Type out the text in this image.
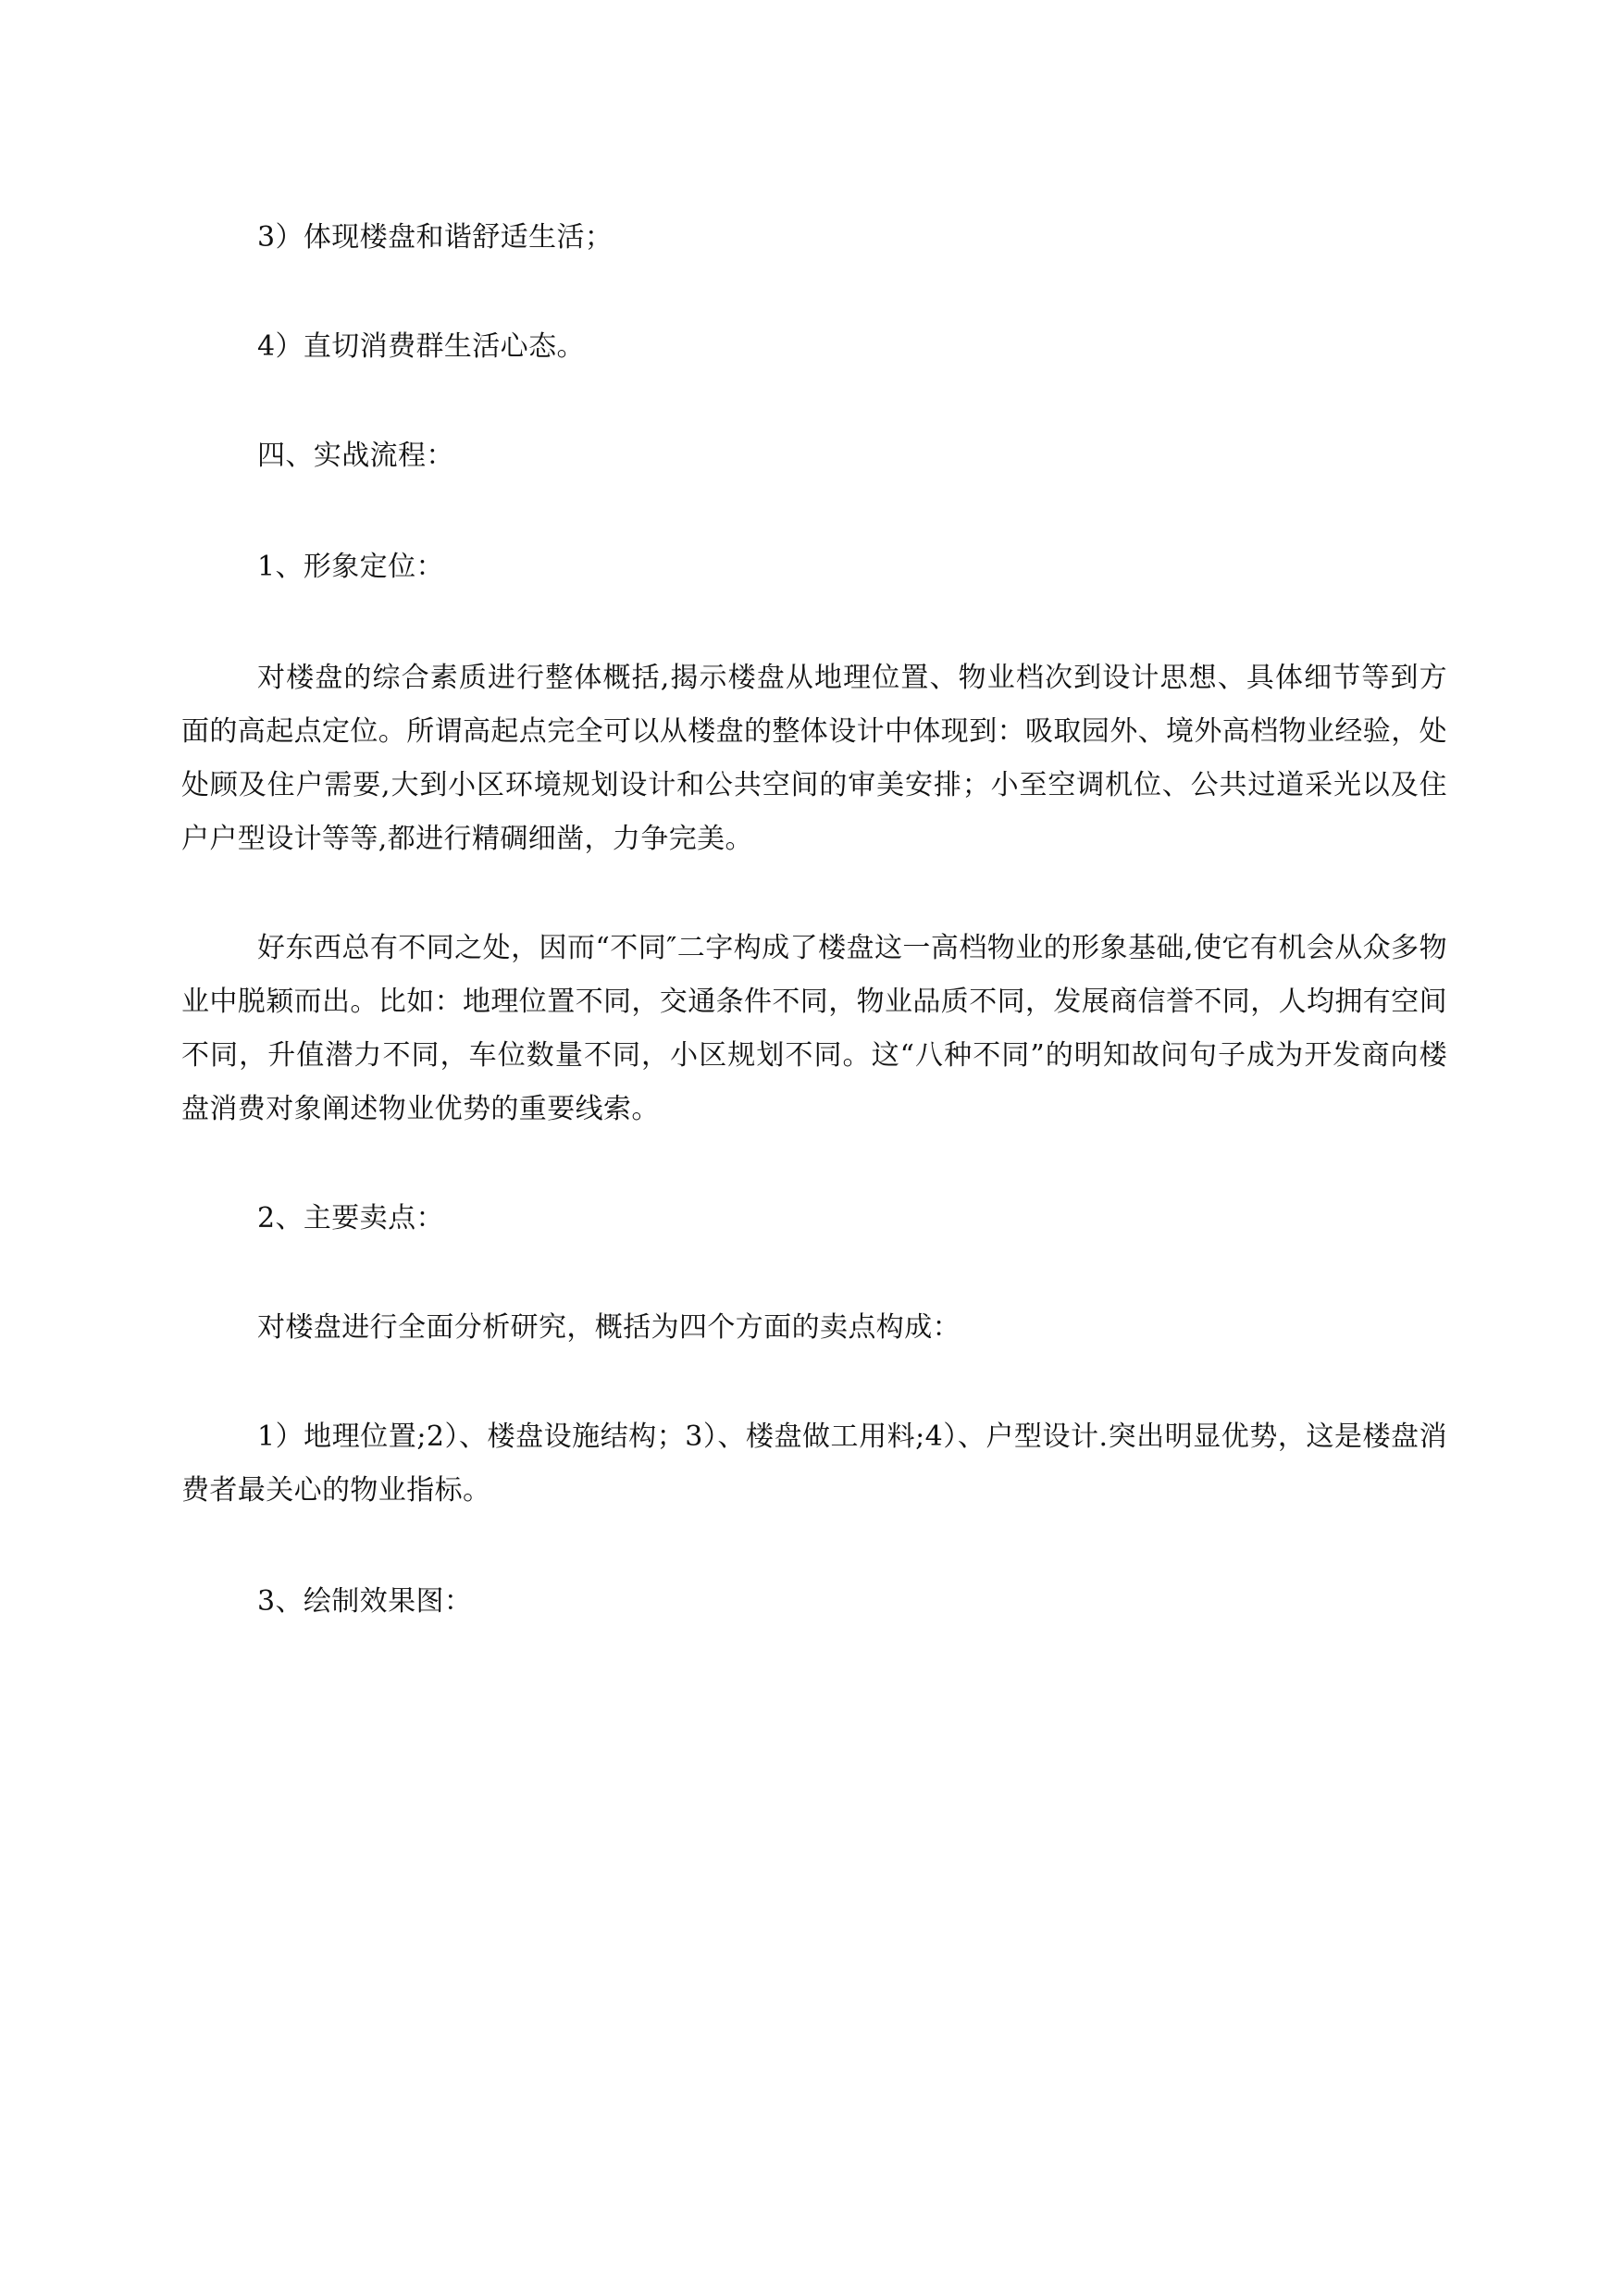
3）体现楼盘和谐舒适生活；

4）直切消费群生活心态。

四、实战流程：

1、形象定位：

对楼盘的综合素质进行整体概括,揭示楼盘从地理位置、物业档次到设计思想、具体细节等到方面的高起点定位。所谓高起点完全可以从楼盘的整体设计中体现到：吸取园外、境外高档物业经验，处处顾及住户需要,大到小区环境规划设计和公共空间的审美安排；小至空调机位、公共过道采光以及住户户型设计等等,都进行精碉细凿，力争完美。

好东西总有不同之处，因而“不同″二字构成了楼盘这一高档物业的形象基础,使它有机会从众多物业中脱颖而出。比如：地理位置不同，交通条件不同，物业品质不同，发展商信誉不同，人均拥有空间不同，升值潜力不同，车位数量不同，小区规划不同。这“八种不同”的明知故问句子成为开发商向楼盘消费对象阐述物业优势的重要线索。

2、主要卖点：

对楼盘进行全面分析研究，概括为四个方面的卖点构成：

1）地理位置;2）、楼盘设施结构；3）、楼盘做工用料;4）、户型设计.突出明显优势，这是楼盘消费者最关心的物业指标。

3、绘制效果图：
